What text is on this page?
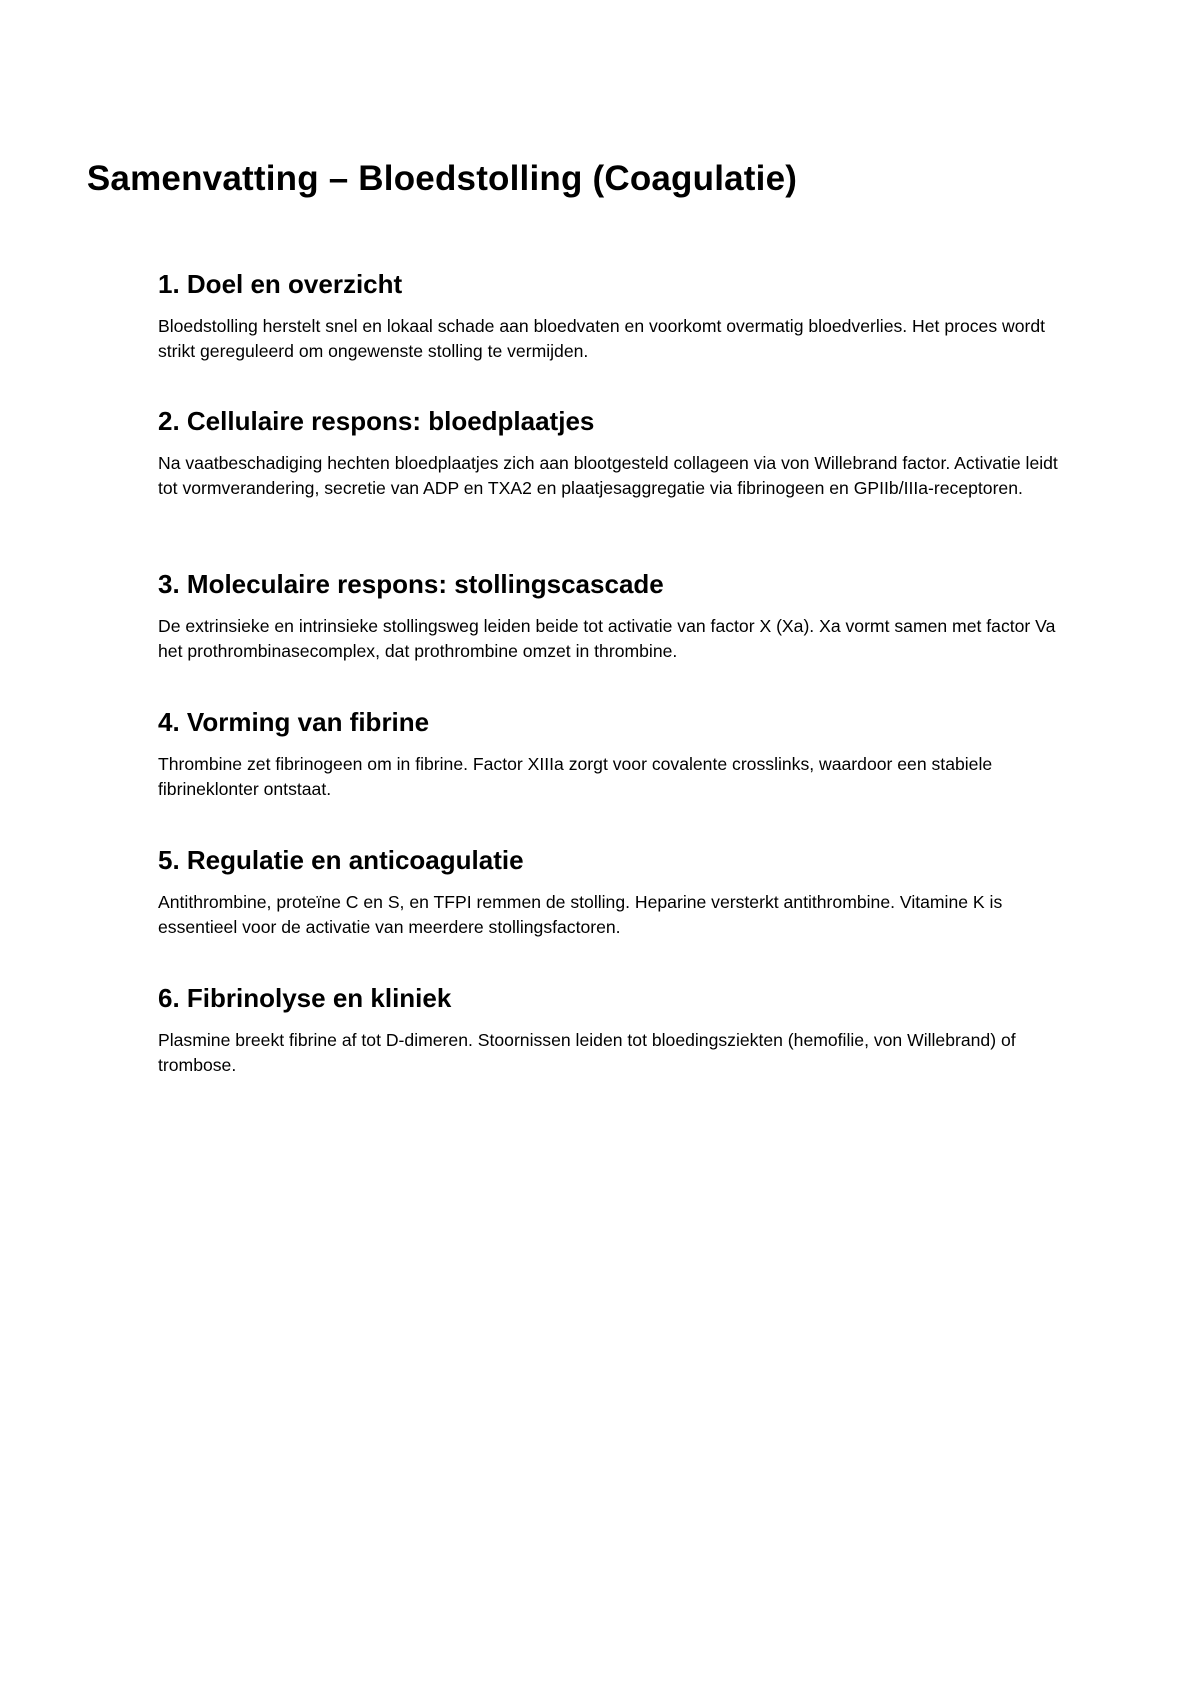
Samenvatting – Bloedstolling (Coagulatie)
1. Doel en overzicht

Bloedstolling herstelt snel en lokaal schade aan bloedvaten en voorkomt overmatig bloedverlies. Het proces wordt strikt gereguleerd om ongewenste stolling te vermijden.

2. Cellulaire respons: bloedplaatjes

Na vaatbeschadiging hechten bloedplaatjes zich aan blootgesteld collageen via von Willebrand factor. Activatie leidt tot vormverandering, secretie van ADP en TXA2 en plaatjesaggregatie via fibrinogeen en GPIIb/IIIa-receptoren.

3. Moleculaire respons: stollingscascade

De extrinsieke en intrinsieke stollingsweg leiden beide tot activatie van factor X (Xa). Xa vormt samen met factor Va het prothrombinasecomplex, dat prothrombine omzet in thrombine.

4. Vorming van fibrine

Thrombine zet fibrinogeen om in fibrine. Factor XIIIa zorgt voor covalente crosslinks, waardoor een stabiele fibrineklonter ontstaat.

5. Regulatie en anticoagulatie

Antithrombine, proteïne C en S, en TFPI remmen de stolling. Heparine versterkt antithrombine. Vitamine K is essentieel voor de activatie van meerdere stollingsfactoren.

6. Fibrinolyse en kliniek

Plasmine breekt fibrine af tot D-dimeren. Stoornissen leiden tot bloedingsziekten (hemofilie, von Willebrand) of trombose.
